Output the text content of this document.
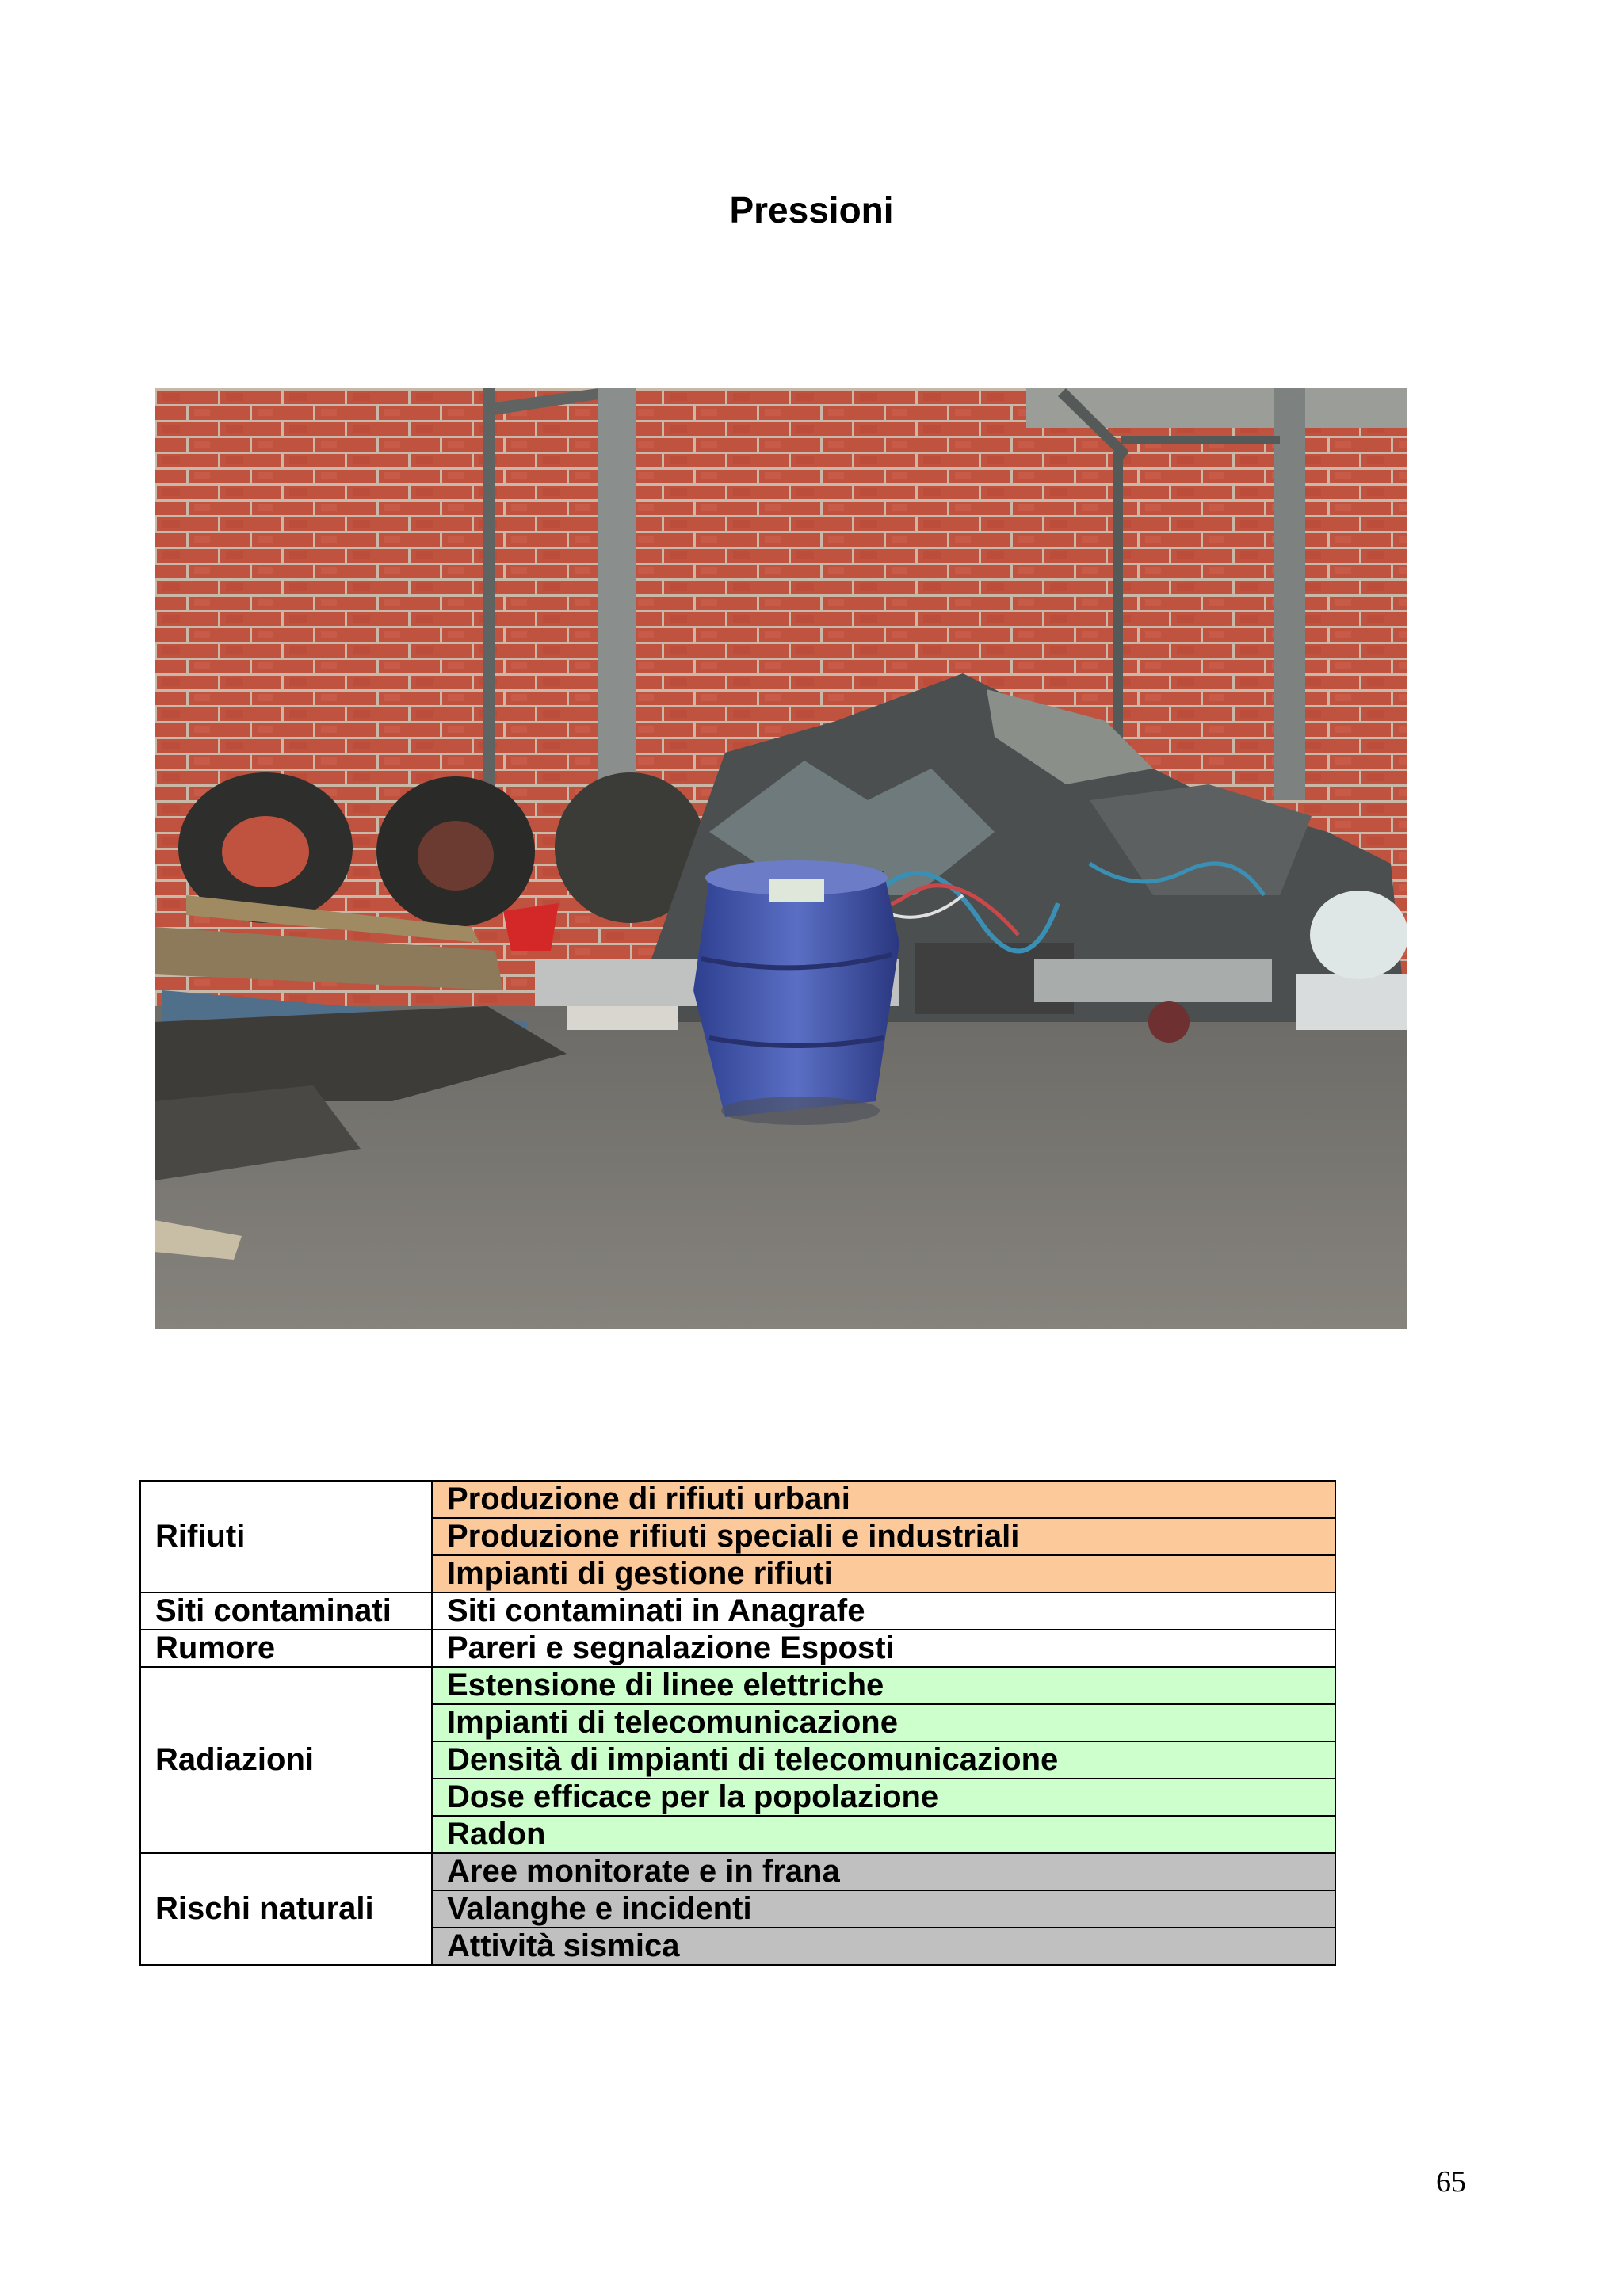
Pressioni
Rifiuti	Produzione di rifiuti urbani
	Produzione rifiuti speciali e industriali
	Impianti di gestione rifiuti
Siti contaminati	Siti contaminati in Anagrafe
Rumore	Pareri e segnalazione Esposti
Radiazioni	Estensione di linee elettriche
	Impianti di telecomunicazione
	Densità di impianti di telecomunicazione
	Dose efficace per la popolazione
	Radon
Rischi naturali	Aree monitorate e in frana
	Valanghe e incidenti
	Attività sismica
65
